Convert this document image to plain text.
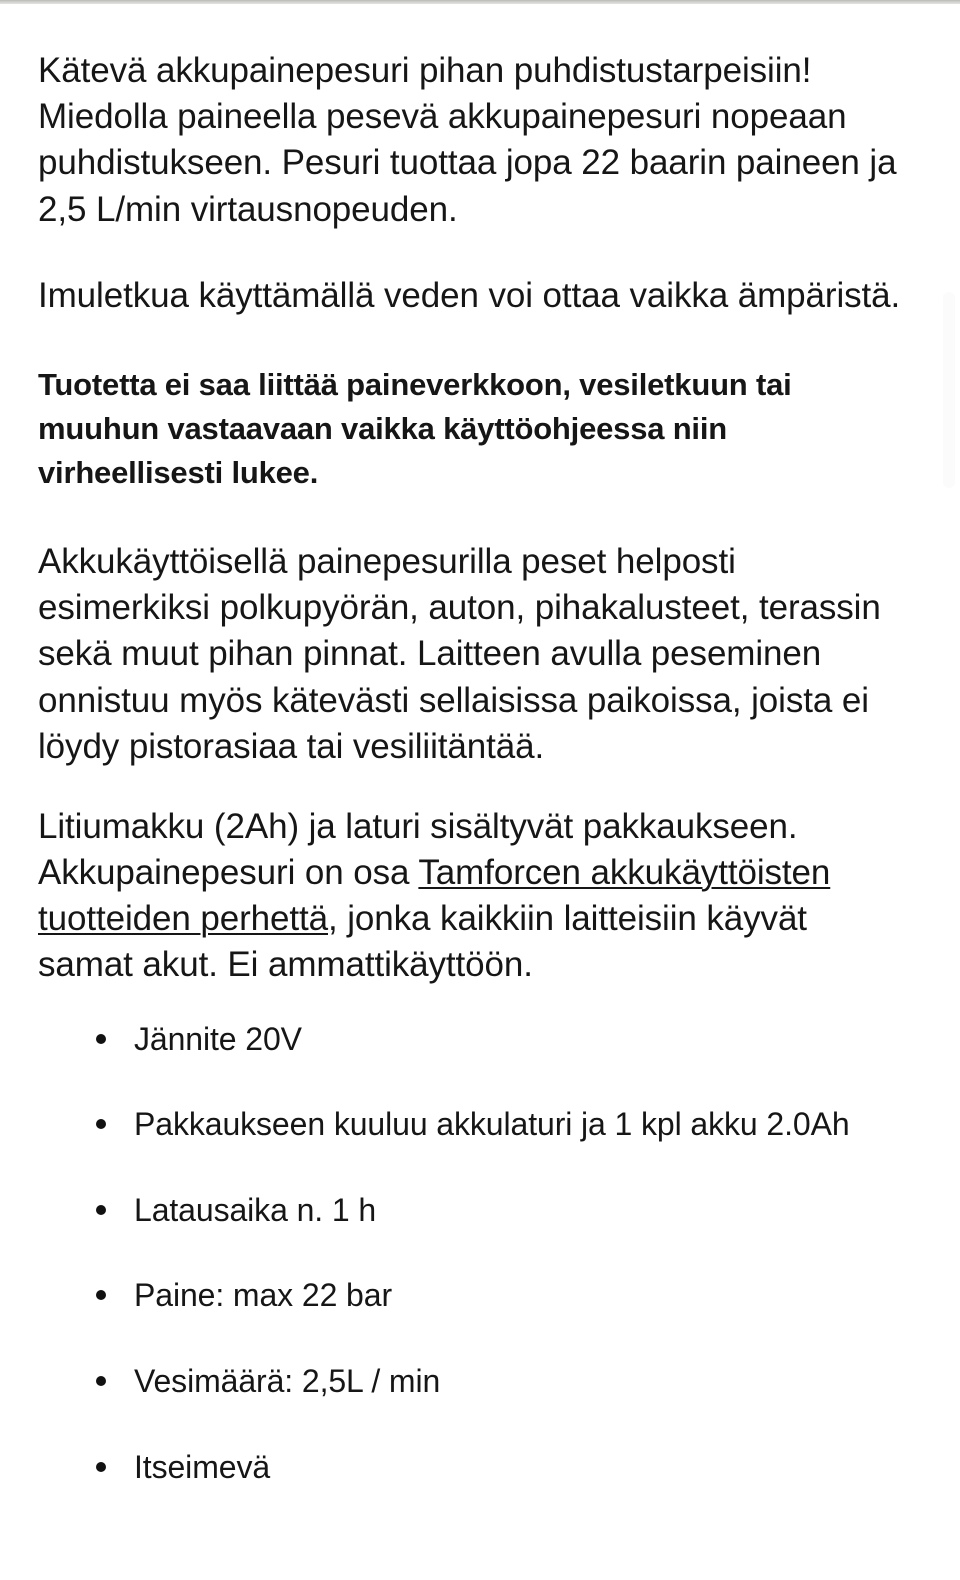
Kätevä akkupainepesuri pihan puhdistustarpeisiin! Miedolla paineella pesevä akkupainepesuri nopeaan puhdistukseen. Pesuri tuottaa jopa 22 baarin paineen ja 2,5 L/min virtausnopeuden.

Imuletkua käyttämällä veden voi ottaa vaikka ämpäristä.

Tuotetta ei saa liittää paineverkkoon, vesiletkuun tai muuhun vastaavaan vaikka käyttöohjeessa niin virheellisesti lukee.

Akkukäyttöisellä painepesurilla peset helposti esimerkiksi polkupyörän, auton, pihakalusteet, terassin sekä muut pihan pinnat. Laitteen avulla peseminen onnistuu myös kätevästi sellaisissa paikoissa, joista ei löydy pistorasiaa tai vesiliitäntää.

Litiumakku (2Ah) ja laturi sisältyvät pakkaukseen. Akkupainepesuri on osa Tamforcen akkukäyttöisten tuotteiden perhettä, jonka kaikkiin laitteisiin käyvät samat akut. Ei ammattikäyttöön.

Jännite 20V
Pakkaukseen kuuluu akkulaturi ja 1 kpl akku 2.0Ah
Latausaika n. 1 h
Paine: max 22 bar
Vesimäärä: 2,5L / min
Itseimevä
